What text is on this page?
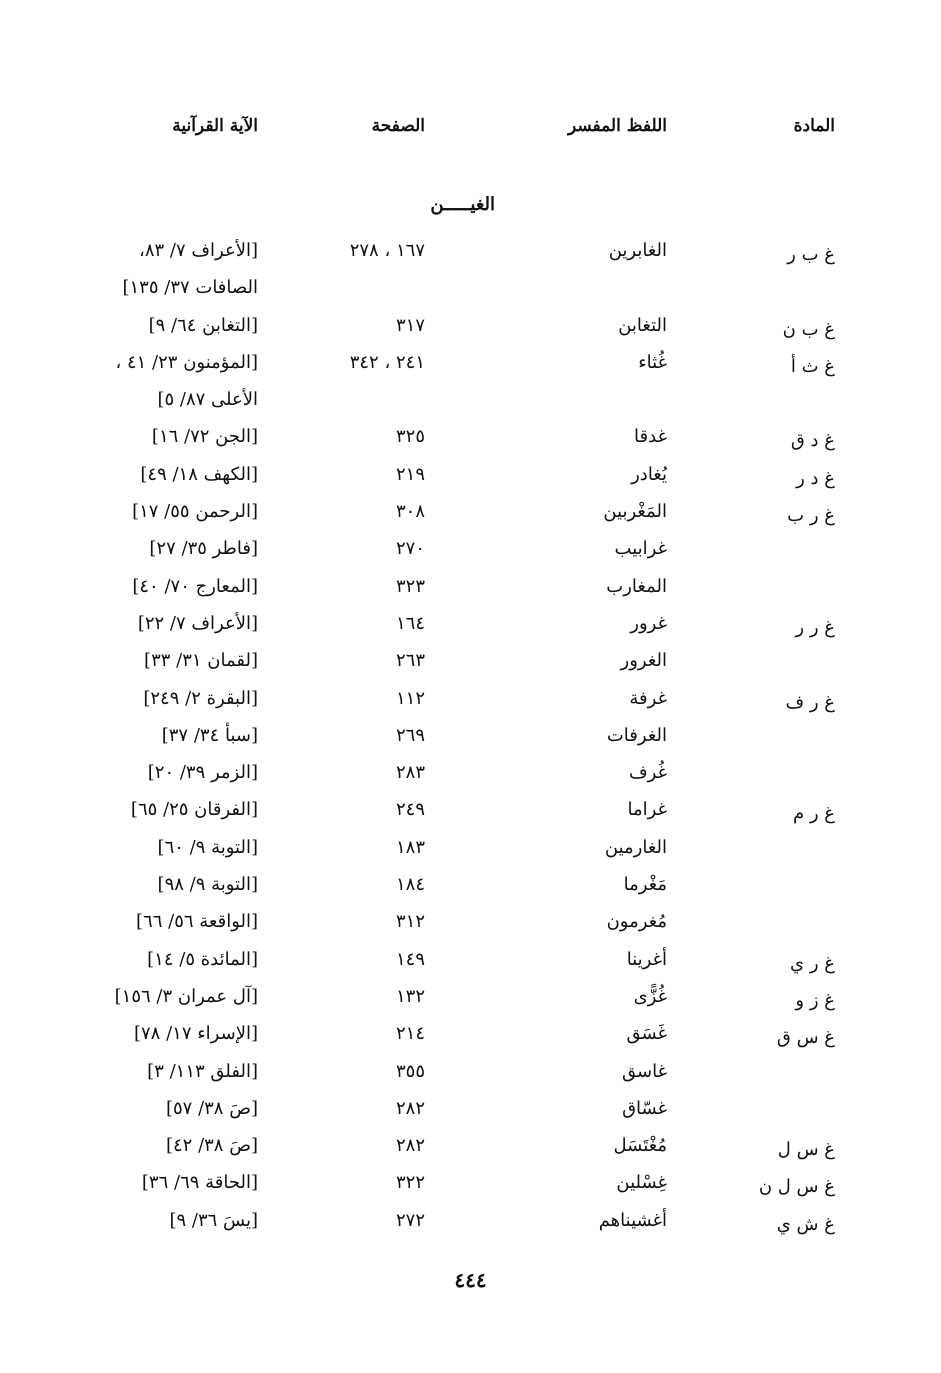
المادة
اللفظ المفسر
الصفحة
الآية القرآنية
الغيـــــن
غ ب ر
الغابرين
١٦٧ ، ٢٧٨
[الأعراف ٧/ ٨٣،
الصافات ٣٧/ ١٣٥]
غ ب ن
التغابن
٣١٧
[التغابن ٦٤/ ٩]
غ ث أ
غُثاء
٢٤١ ، ٣٤٢
[المؤمنون ٢٣/ ٤١ ،
الأعلى ٨٧/ ٥]
غ د ق
غدقا
٣٢٥
[الجن ٧٢/ ١٦]
غ د ر
يُغادر
٢١٩
[الكهف ١٨/ ٤٩]
غ ر ب
المَغْربين
٣٠٨
[الرحمن ٥٥/ ١٧]
غرابيب
٢٧٠
[فاطر ٣٥/ ٢٧]
المغارب
٣٢٣
[المعارج ٧٠/ ٤٠]
غ ر ر
غرور
١٦٤
[الأعراف ٧/ ٢٢]
الغرور
٢٦٣
[لقمان ٣١/ ٣٣]
غ ر ف
غرفة
١١٢
[البقرة ٢/ ٢٤٩]
الغرفات
٢٦٩
[سبأ ٣٤/ ٣٧]
غُرف
٢٨٣
[الزمر ٣٩/ ٢٠]
غ ر م
غراما
٢٤٩
[الفرقان ٢٥/ ٦٥]
الغارمين
١٨٣
[التوبة ٩/ ٦٠]
مَغْرما
١٨٤
[التوبة ٩/ ٩٨]
مُغرمون
٣١٢
[الواقعة ٥٦/ ٦٦]
غ ر ي
أغرينا
١٤٩
[المائدة ٥/ ١٤]
غ ز و
غُزًّى
١٣٢
[آل عمران ٣/ ١٥٦]
غ س ق
غَسَق
٢١٤
[الإسراء ١٧/ ٧٨]
غاسق
٣٥٥
[الفلق ١١٣/ ٣]
غسّاق
٢٨٢
[صَ ٣٨/ ٥٧]
غ س ل
مُغْتَسَل
٢٨٢
[صَ ٣٨/ ٤٢]
غ س ل ن
غِسْلين
٣٢٢
[الحاقة ٦٩/ ٣٦]
غ ش ي
أغشيناهم
٢٧٢
[يسَ ٣٦/ ٩]
٤٤٤
